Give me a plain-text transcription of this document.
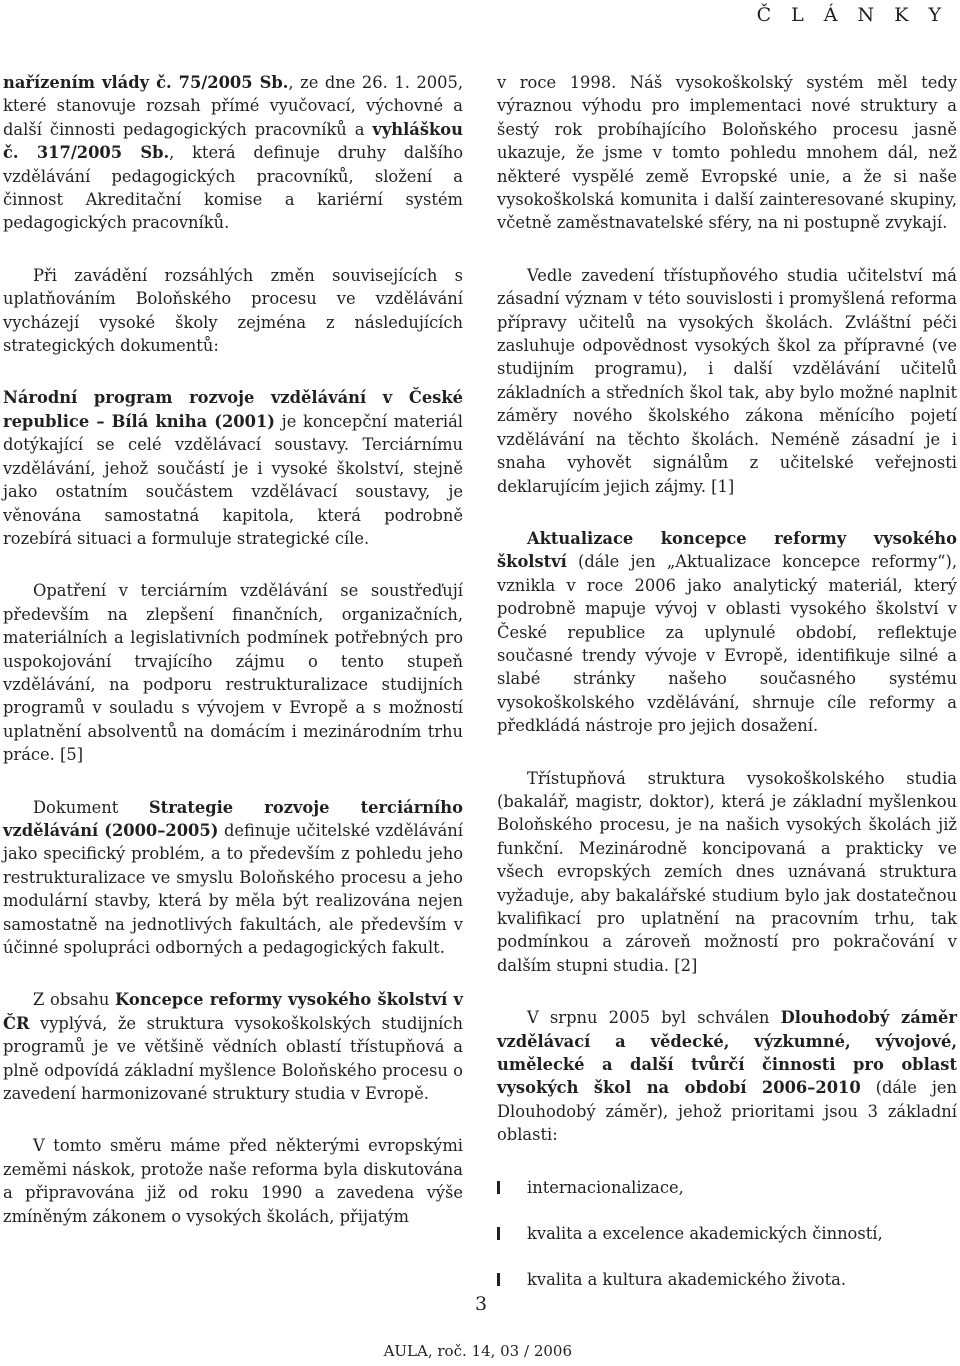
Č L Á N K Y

nařízením vlády č. 75/2005 Sb., ze dne 26. 1. 2005, které stanovuje rozsah přímé vyučovací, výchovné a další činnosti pedagogických pracovníků a vyhláškou č. 317/2005 Sb., která definuje druhy dalšího vzdělávání pedagogických pracovníků, složení a činnost Akreditační komise a kariérní systém pedagogických pracovníků.

Při zavádění rozsáhlých změn souvisejících s uplatňováním Boloňského procesu ve vzdělávání vycházejí vysoké školy zejména z následujících strategických dokumentů:

Národní program rozvoje vzdělávání v České republice – Bílá kniha (2001) je koncepční materiál dotýkající se celé vzdělávací soustavy. Terciárnímu vzdělávání, jehož součástí je i vysoké školství, stejně jako ostatním součástem vzdělávací soustavy, je věnována samostatná kapitola, která podrobně rozebírá situaci a formuluje strategické cíle.

Opatření v terciárním vzdělávání se soustřeďují především na zlepšení finančních, organizačních, materiálních a legislativních podmínek potřebných pro uspokojování trvajícího zájmu o tento stupeň vzdělávání, na podporu restrukturalizace studijních programů v souladu s vývojem v Evropě a s možností uplatnění absolventů na domácím i mezinárodním trhu práce. [5]

Dokument Strategie rozvoje terciárního vzdělávání (2000–2005) definuje učitelské vzdělávání jako specifický problém, a to především z pohledu jeho restrukturalizace ve smyslu Boloňského procesu a jeho modulární stavby, která by měla být realizována nejen samostatně na jednotlivých fakultách, ale především v účinné spolupráci odborných a pedagogických fakult.

Z obsahu Koncepce reformy vysokého školství v ČR vyplývá, že struktura vysokoškolských studijních programů je ve většině vědních oblastí třístupňová a plně odpovídá základní myšlence Boloňského procesu o zavedení harmonizované struktury studia v Evropě.

V tomto směru máme před některými evropskými zeměmi náskok, protože naše reforma byla diskutována a připravována již od roku 1990 a zavedena výše zmíněným zákonem o vysokých školách, přijatým

v roce 1998. Náš vysokoškolský systém měl tedy výraznou výhodu pro implementaci nové struktury a šestý rok probíhajícího Boloňského procesu jasně ukazuje, že jsme v tomto pohledu mnohem dál, než některé vyspělé země Evropské unie, a že si naše vysokoškolská komunita i další zainteresované skupiny, včetně zaměstnavatelské sféry, na ni postupně zvykají.

Vedle zavedení třístupňového studia učitelství má zásadní význam v této souvislosti i promyšlená reforma přípravy učitelů na vysokých školách. Zvláštní péči zasluhuje odpovědnost vysokých škol za přípravné (ve studijním programu), i další vzdělávání učitelů základních a středních škol tak, aby bylo možné naplnit záměry nového školského zákona měnícího pojetí vzdělávání na těchto školách. Neméně zásadní je i snaha vyhovět signálům z učitelské veřejnosti deklarujícím jejich zájmy. [1]

Aktualizace koncepce reformy vysokého školství (dále jen „Aktualizace koncepce reformy“), vznikla v roce 2006 jako analytický materiál, který podrobně mapuje vývoj v oblasti vysokého školství v České republice za uplynulé období, reflektuje současné trendy vývoje v Evropě, identifikuje silné a slabé stránky našeho současného systému vysokoškolského vzdělávání, shrnuje cíle reformy a předkládá nástroje pro jejich dosažení.

Třístupňová struktura vysokoškolského studia (bakalář, magistr, doktor), která je základní myšlenkou Boloňského procesu, je na našich vysokých školách již funkční. Mezinárodně koncipovaná a prakticky ve všech evropských zemích dnes uznávaná struktura vyžaduje, aby bakalářské studium bylo jak dostatečnou kvalifikací pro uplatnění na pracovním trhu, tak podmínkou a zároveň možností pro pokračování v dalším stupni studia. [2]

V srpnu 2005 byl schválen Dlouhodobý záměr vzdělávací a vědecké, výzkumné, vývojové, umělecké a další tvůrčí činnosti pro oblast vysokých škol na období 2006–2010 (dále jen Dlouhodobý záměr), jehož prioritami jsou 3 základní oblasti:

internacionalizace,
kvalita a excelence akademických činností,
kvalita a kultura akademického života.
3
AULA, roč. 14, 03 / 2006
